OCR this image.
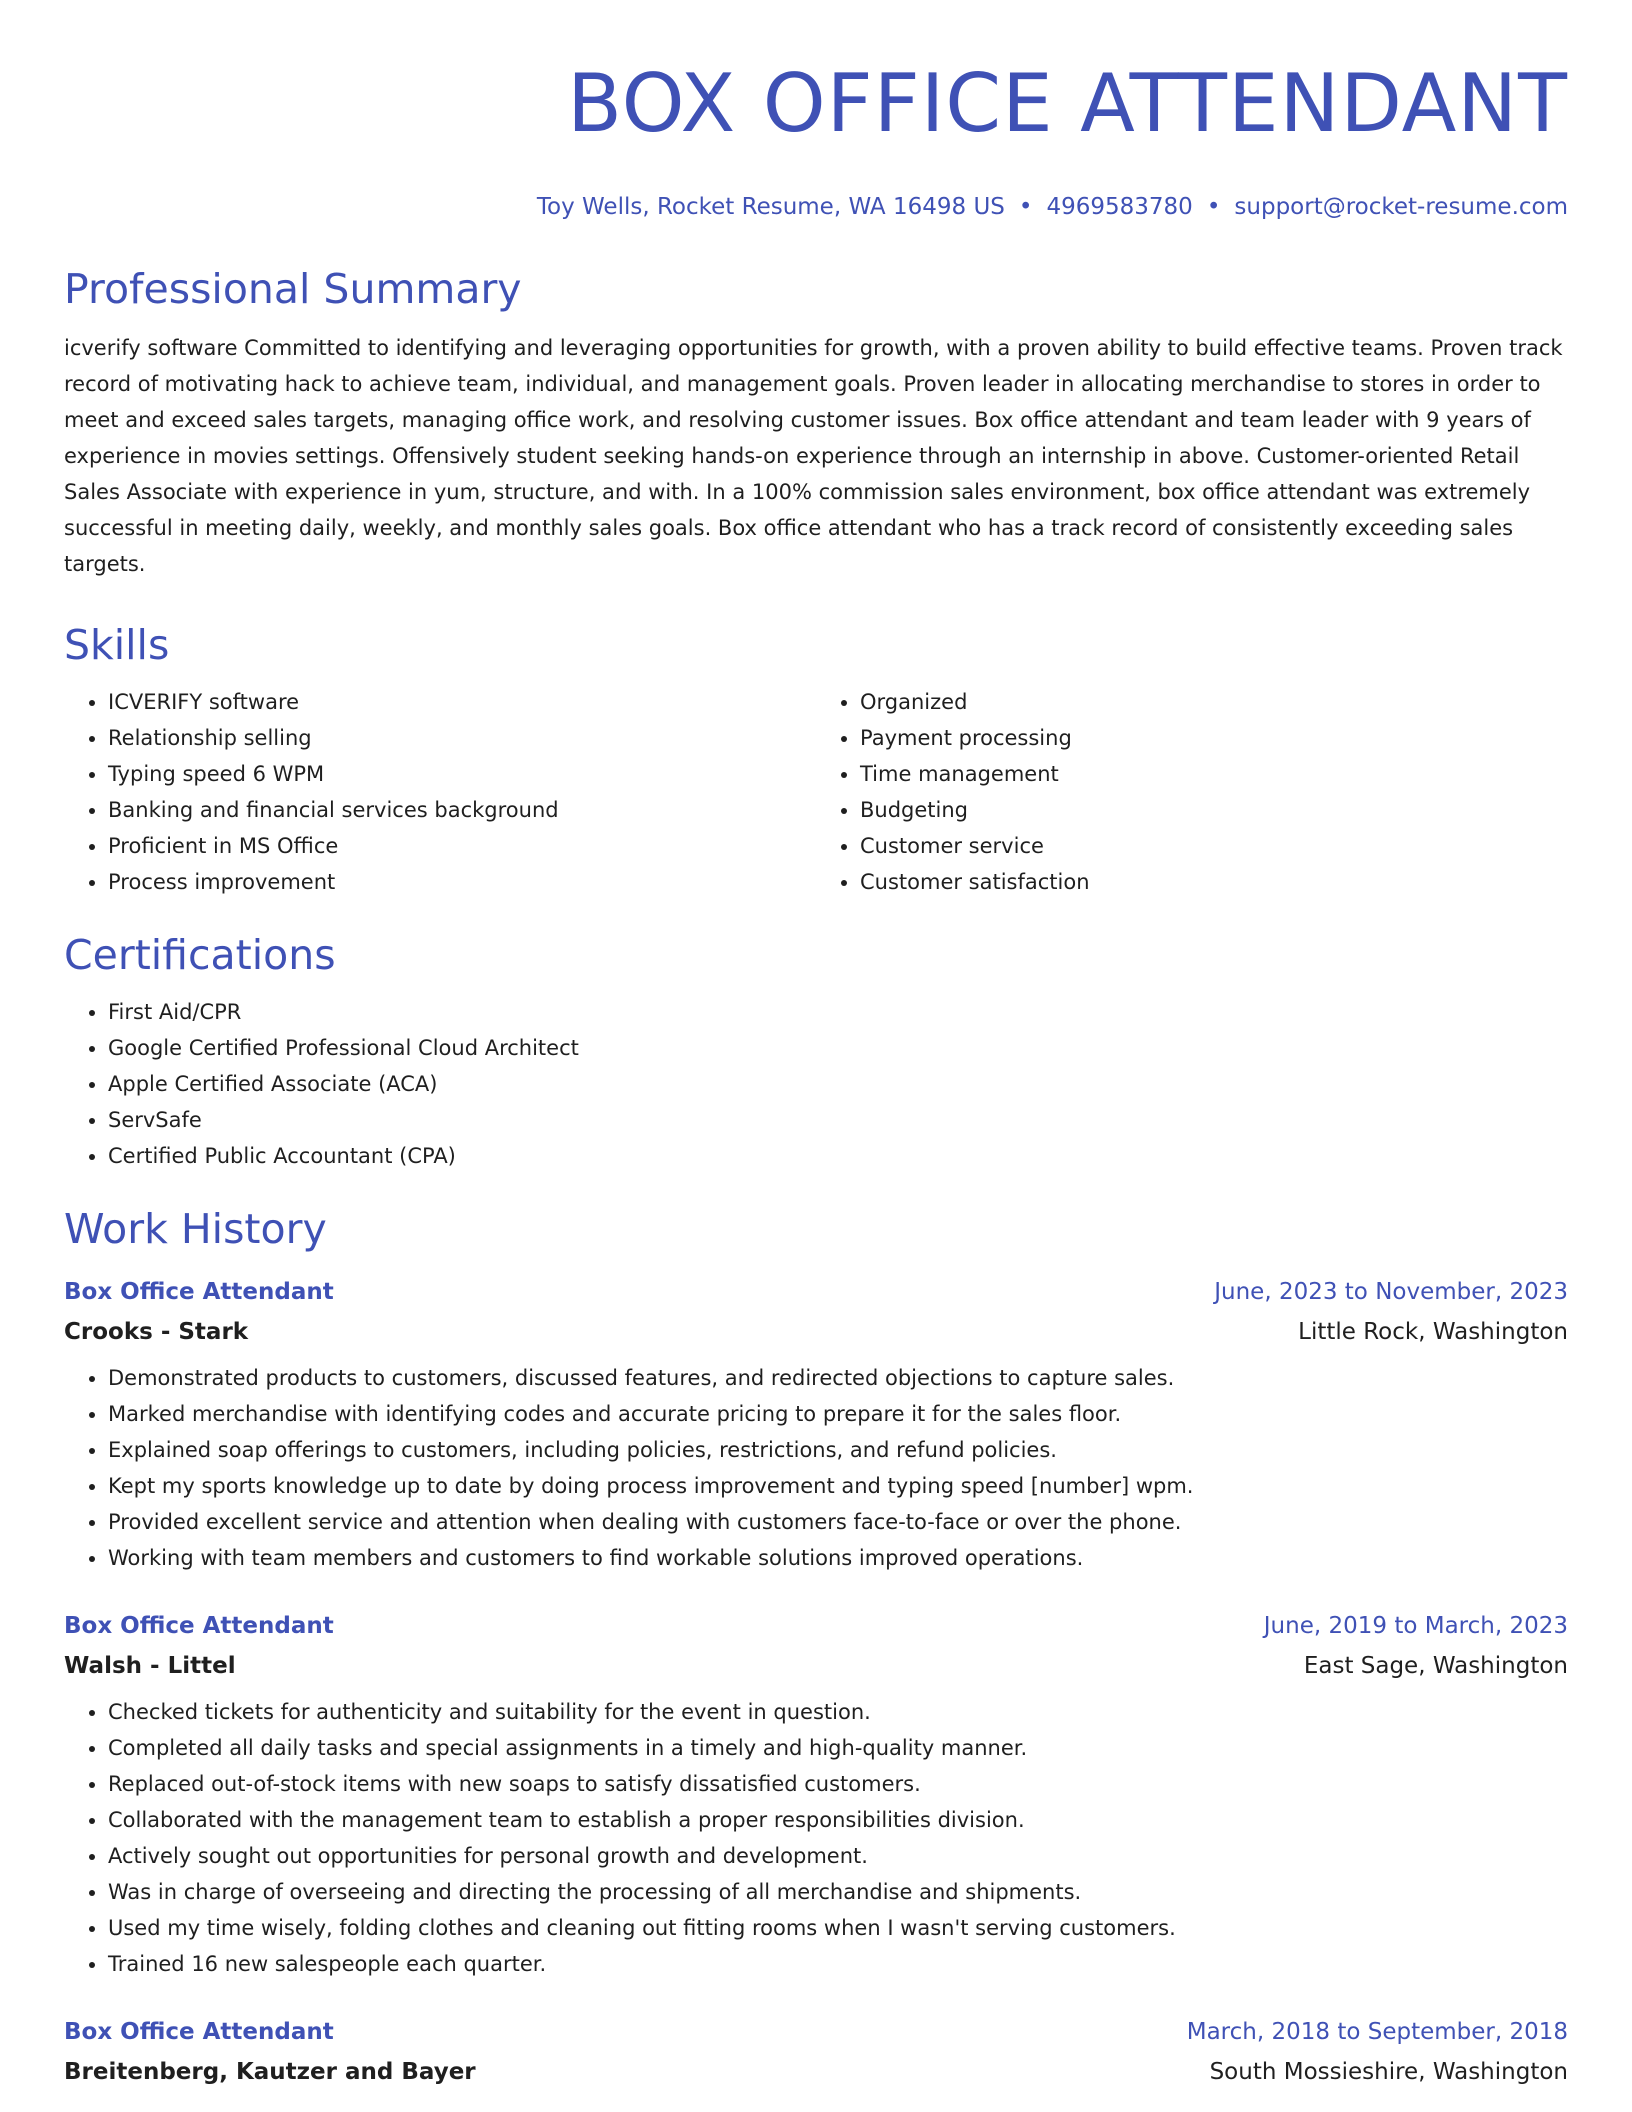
BOX OFFICE ATTENDANT
Toy Wells, Rocket Resume, WA 16498 US • 4969583780 • support@rocket-resume.com
Professional Summary

icverify software Committed to identifying and leveraging opportunities for growth, with a proven ability to build effective teams. Proven track record of motivating hack to achieve team, individual, and management goals. Proven leader in allocating merchandise to stores in order to meet and exceed sales targets, managing office work, and resolving customer issues. Box office attendant and team leader with 9 years of experience in movies settings. Offensively student seeking hands-on experience through an internship in above. Customer-oriented Retail Sales Associate with experience in yum, structure, and with. In a 100% commission sales environment, box office attendant was extremely successful in meeting daily, weekly, and monthly sales goals. Box office attendant who has a track record of consistently exceeding sales targets.

Skills
• ICVERIFY software
• Relationship selling
• Typing speed 6 WPM
• Banking and financial services background
• Proficient in MS Office
• Process improvement
• Organized
• Payment processing
• Time management
• Budgeting
• Customer service
• Customer satisfaction
Certifications
• First Aid/CPR
• Google Certified Professional Cloud Architect
• Apple Certified Associate (ACA)
• ServSafe
• Certified Public Accountant (CPA)
Work History
Box Office Attendant	June, 2023 to November, 2023
Crooks - Stark	Little Rock, Washington
• Demonstrated products to customers, discussed features, and redirected objections to capture sales.
• Marked merchandise with identifying codes and accurate pricing to prepare it for the sales floor.
• Explained soap offerings to customers, including policies, restrictions, and refund policies.
• Kept my sports knowledge up to date by doing process improvement and typing speed [number] wpm.
• Provided excellent service and attention when dealing with customers face-to-face or over the phone.
• Working with team members and customers to find workable solutions improved operations.
Box Office Attendant	June, 2019 to March, 2023
Walsh - Littel	East Sage, Washington
• Checked tickets for authenticity and suitability for the event in question.
• Completed all daily tasks and special assignments in a timely and high-quality manner.
• Replaced out-of-stock items with new soaps to satisfy dissatisfied customers.
• Collaborated with the management team to establish a proper responsibilities division.
• Actively sought out opportunities for personal growth and development.
• Was in charge of overseeing and directing the processing of all merchandise and shipments.
• Used my time wisely, folding clothes and cleaning out fitting rooms when I wasn't serving customers.
• Trained 16 new salespeople each quarter.
Box Office Attendant	March, 2018 to September, 2018
Breitenberg, Kautzer and Bayer	South Mossieshire, Washington
